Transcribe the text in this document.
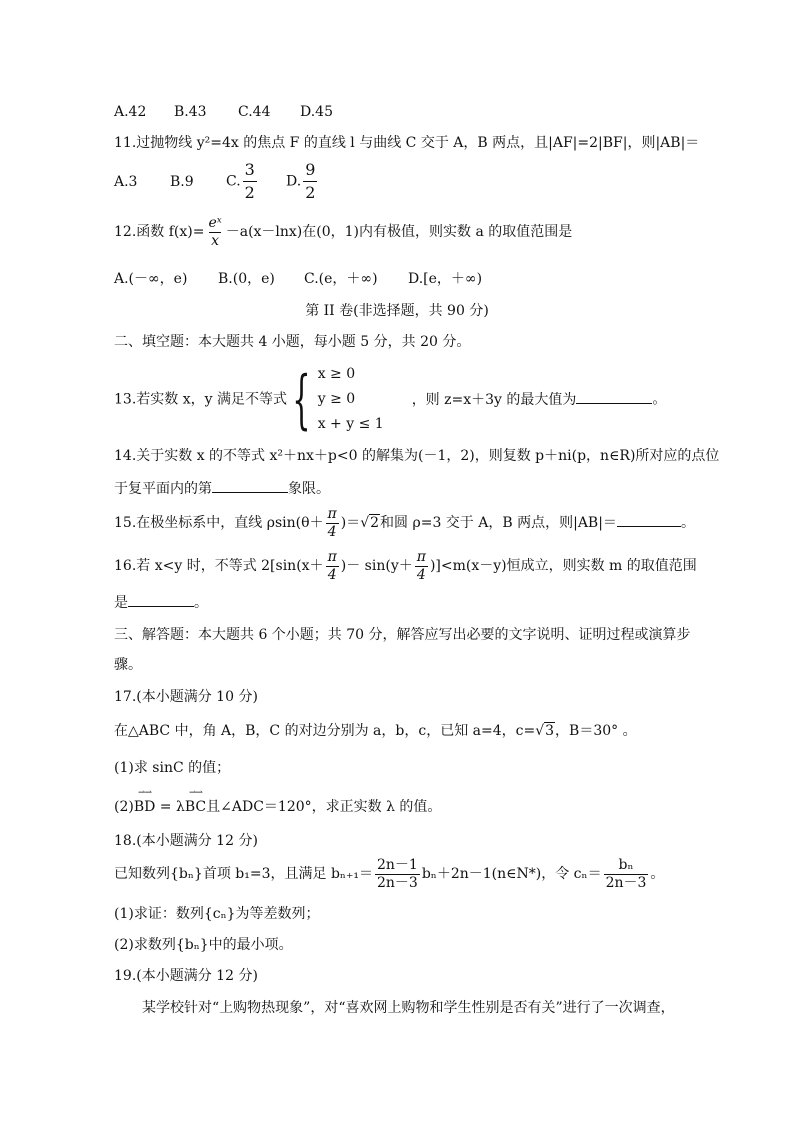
A.42 B.43 C.44 D.45
11.过抛物线 y²=4x 的焦点 F 的直线 l 与曲线 C 交于 A，B 两点，且|AF|=2|BF|，则|AB|＝
A.3 B.9 C. $\frac{3}{2} D$. $\frac{9}{2}$
12.函数 $f(x)= \frac{\text{eˣ}}{x} -a(x-\ln x)$在(0，1)内有极值，则实数 a 的取值范围是
A.(－∞，e) B.(0，e) C.(e，＋∞) D.[e，＋∞)
第 II 卷(非选择题，共 90 分)
二、填空题：本大题共 4 小题，每小题 5 分，共 20 分。
13.若实数 x，y 满足不等式 { x ≥ 0
y ≥ 0
x + y ≤ 1
，则 z=x＋3y 的最大值为	。
14.关于实数 x 的不等式 x²＋nx＋p<0 的解集为(－1，2)，则复数 p＋ni(p，n∈R)所对应的点位
于复平面内的第	象限。
15.在极坐标系中，直线 $\rho\sin(\theta+ \frac{\pi}{4} )=√2$和圆 ρ=3 交于 A，B 两点，则|AB|＝	。
16.若 x<y 时，不等式 $2[\sin(x+ \frac{\pi}{4}$ )－ $\sin(y+ \frac{\pi}{4} )]<m(x-y)$恒成立，则实数 m 的取值范围
是	。
三、解答题：本大题共 6 个小题；共 70 分，解答应写出必要的文字说明、证明过程或演算步
骤。
17.(本小题满分 10 分)
在△ABC 中，角 A，B，C 的对边分别为 a，b，c，已知 a=4，c=√3，B＝30° 。
(1)求 sinC 的值；
(2)
⇀⇀
BD = λ
⇀⇀
BC且∠ADC＝120°，求正实数 λ 的值。
18.(本小题满分 12 分)
已知数列{bₙ}首项 b₁=3，且满足 $b_{n+1}= \frac{2n-1}{2n-3}$ bₙ＋2n－1(n∈N*)，令 $c_n= \frac{\text{bₙ}}{2n-3}$ 。
(1)求证：数列{cₙ}为等差数列；
(2)求数列{bₙ}中的最小项。
19.(本小题满分 12 分)
某学校针对“上购物热现象”，对“喜欢网上购物和学生性别是否有关”进行了一次调查，
